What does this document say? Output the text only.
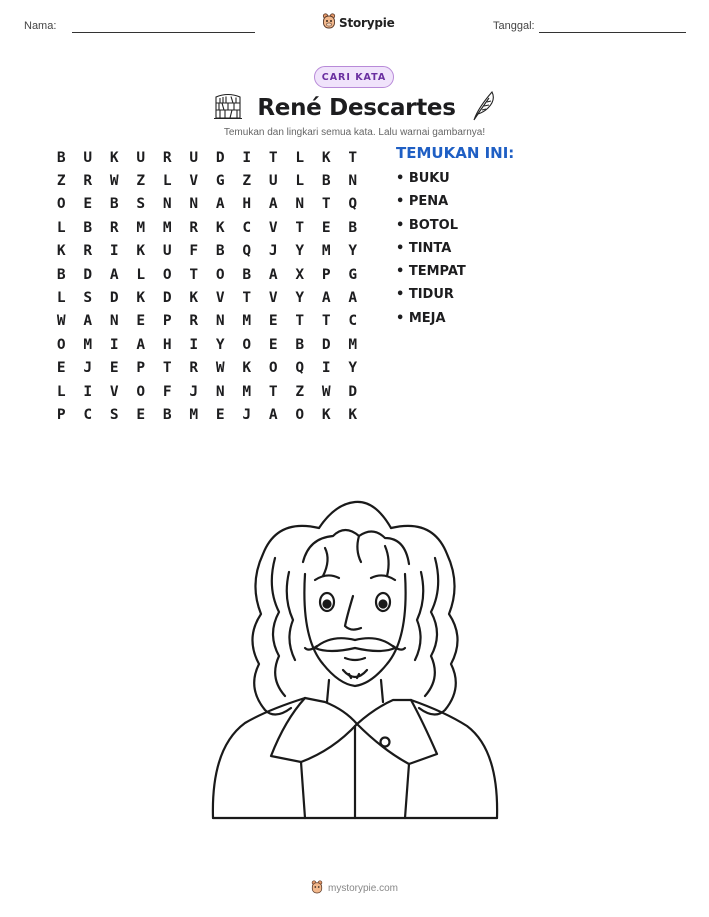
Nama:	Storypie	Tanggal:
CARI KATA
René Descartes
Temukan dan lingkari semua kata. Lalu warnai gambarnya!
B	U	K	U	R	U	D	I	T	L	K	T
Z	R	W	Z	L	V	G	Z	U	L	B	N
O	E	B	S	N	N	A	H	A	N	T	Q
L	B	R	M	M	R	K	C	V	T	E	B
K	R	I	K	U	F	B	Q	J	Y	M	Y
B	D	A	L	O	T	O	B	A	X	P	G
L	S	D	K	D	K	V	T	V	Y	A	A
W	A	N	E	P	R	N	M	E	T	T	C
O	M	I	A	H	I	Y	O	E	B	D	M
E	J	E	P	T	R	W	K	O	Q	I	Y
L	I	V	O	F	J	N	M	T	Z	W	D
P	C	S	E	B	M	E	J	A	O	K	K
TEMUKAN INI:
• BUKU
• PENA
• BOTOL
• TINTA
• TEMPAT
• TIDUR
• MEJA
mystorypie.com
